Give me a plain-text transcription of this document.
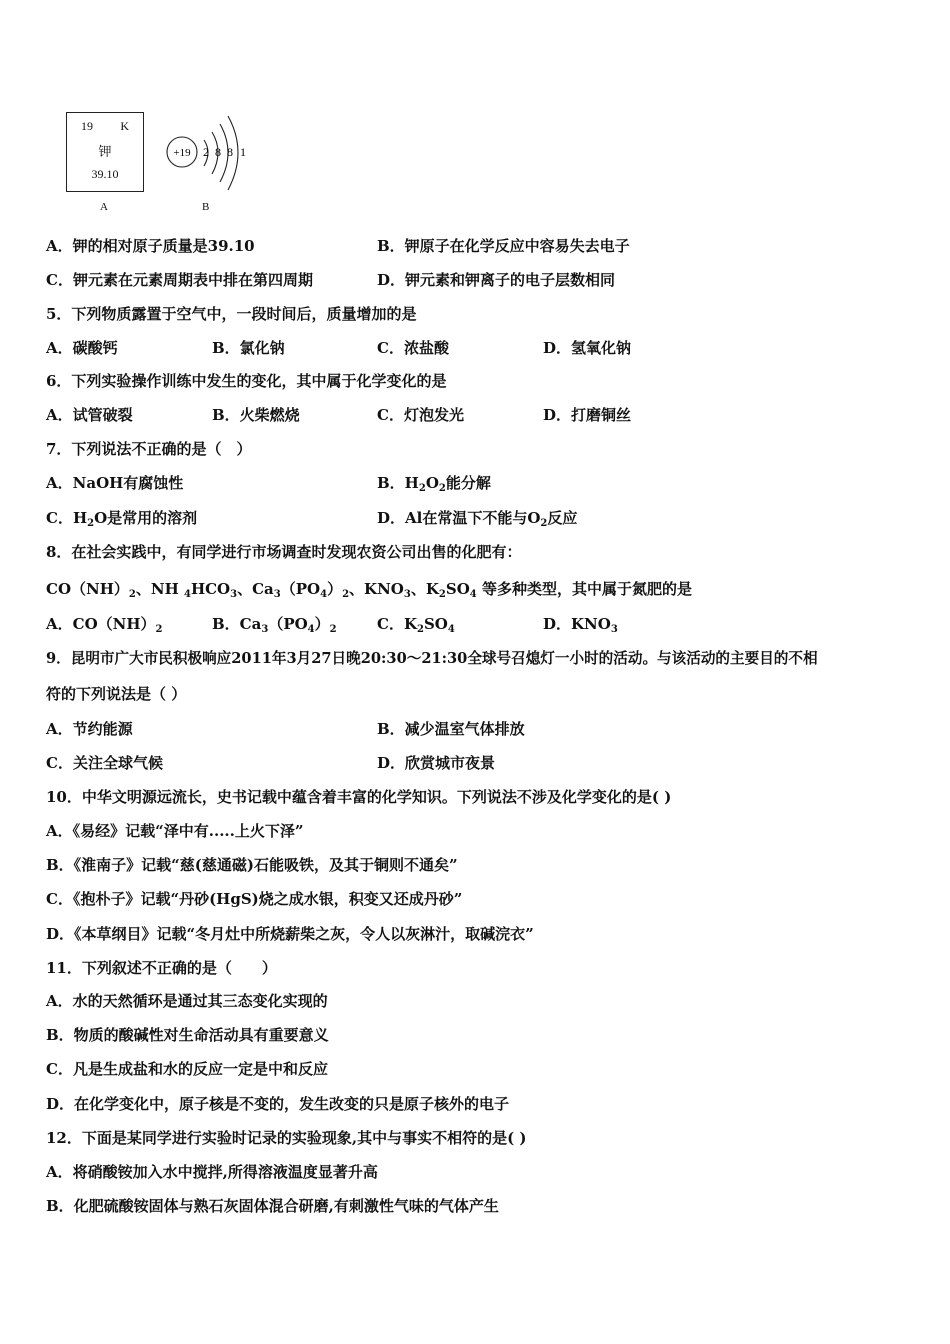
19 K
钾
39.10
A
+19 2 8 8 1
B
A．钾的相对原子质量是39.10	B．钾原子在化学反应中容易失去电子
C．钾元素在元素周期表中排在第四周期	D．钾元素和钾离子的电子层数相同
5．下列物质露置于空气中，一段时间后，质量增加的是
A．碳酸钙	B．氯化钠	C．浓盐酸	D．氢氧化钠
6．下列实验操作训练中发生的变化，其中属于化学变化的是
A．试管破裂	B．火柴燃烧	C．灯泡发光	D．打磨铜丝
7．下列说法不正确的是（　）
A．NaOH有腐蚀性	B．$H_2O_2$能分解
C．$H_2O$是常用的溶剂	D．Al在常温下不能与$O_2$反应
8．在社会实践中，有同学进行市场调查时发现农资公司出售的化肥有：
$CO(NH)_2$、NH $_4HCO_3$、$Ca_3(PO_4)_2$、$KNO_3$、$K_2SO_4$ 等多种类型，其中属于氮肥的是
A．$CO(NH)_2$	B．$Ca_3(PO_4)_2$	C．$K_2SO_4$	D．$KNO_3$
9．昆明市广大市民积极响应2011年3月27日晚20:30～21:30全球号召熄灯一小时的活动。与该活动的主要目的不相
符的下列说法是（ ）
A．节约能源	B．减少温室气体排放
C．关注全球气候	D．欣赏城市夜景
10．中华文明源远流长，史书记载中蕴含着丰富的化学知识。下列说法不涉及化学变化的是( )
A．《易经》记载“泽中有.....上火下泽”
B．《淮南子》记载“慈(慈通磁)石能吸铁，及其于铜则不通矣”
C．《抱朴子》记载“丹砂(HgS)烧之成水银，积变又还成丹砂”
D．《本草纲目》记载“冬月灶中所烧薪柴之灰，令人以灰淋汁，取碱浣衣”
11．下列叙述不正确的是（　　）
A．水的天然循环是通过其三态变化实现的
B．物质的酸碱性对生命活动具有重要意义
C．凡是生成盐和水的反应一定是中和反应
D．在化学变化中，原子核是不变的，发生改变的只是原子核外的电子
12．下面是某同学进行实验时记录的实验现象,其中与事实不相符的是( )
A．将硝酸铵加入水中搅拌,所得溶液温度显著升高
B．化肥硫酸铵固体与熟石灰固体混合研磨,有刺激性气味的气体产生
